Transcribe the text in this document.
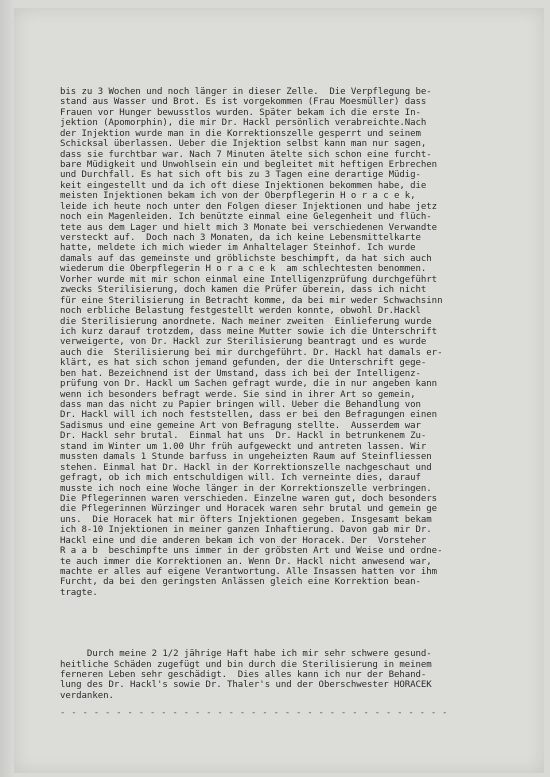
bis zu 3 Wochen und noch länger in dieser Zelle.  Die Verpflegung be-
stand aus Wasser und Brot. Es ist vorgekommen (Frau Moesmüller) dass
Frauen vor Hunger bewusstlos wurden. Später bekam ich die erste In-
jektion (Apomorphin), die mir Dr. Hackl persönlich verabreichte.Nach
der Injektion wurde man in die Korrektionszelle gesperrt und seinem
Schicksal überlassen. Ueber die Injektion selbst kann man nur sagen,
dass sie furchtbar war. Nach 7 Minuten ätelte sich schon eine furcht-
bare Müdigkeit und Unwohlsein ein und begleitet mit heftigen Erbrechen
und Durchfall. Es hat sich oft bis zu 3 Tagen eine derartige Müdig-
keit eingestellt und da ich oft diese Injektionen bekommen habe, die
meisten Injektionen bekam ich von der Oberpflegerin H o r a c e k,
leide ich heute noch unter den Folgen dieser Injektionen und habe jetz
noch ein Magenleiden. Ich benützte einmal eine Gelegenheit und flüch-
tete aus dem Lager und hielt mich 3 Monate bei verschiedenen Verwandte
versteckt auf.  Doch nach 3 Monaten, da ich keine Lebensmittelkarte
hatte, meldete ich mich wieder im Anhaltelager Steinhof. Ich wurde
damals auf das gemeinste und gröblichste beschimpft, da hat sich auch
wiederum die Oberpflegerin H o r a c e k  am schlechtesten benommen.
Vorher wurde mit mir schon einmal eine Intelligenzprüfung durchgeführt
zwecks Sterilisierung, doch kamen die Prüfer überein, dass ich nicht
für eine Sterilisierung in Betracht komme, da bei mir weder Schwachsinn
noch erbliche Belastung festgestellt werden konnte, obwohl Dr.Hackl
die Sterilisierung anordnete. Nach meiner zweiten  Einlieferung wurde
ich kurz darauf trotzdem, dass meine Mutter sowie ich die Unterschrift
verweigerte, von Dr. Hackl zur Sterilisierung beantragt und es wurde
auch die  Sterilisierung bei mir durchgeführt. Dr. Hackl hat damals er-
klärt, es hat sich schon jemand gefunden, der die Unterschrift gege-
ben hat. Bezeichnend ist der Umstand, dass ich bei der Intelligenz-
prüfung von Dr. Hackl um Sachen gefragt wurde, die in nur angeben kann
wenn ich besonders befragt werde. Sie sind in ihrer Art so gemein,
dass man das nicht zu Papier bringen will. Ueber die Behandlung von
Dr. Hackl will ich noch feststellen, dass er bei den Befragungen einen
Sadismus und eine gemeine Art von Befragung stellte.  Ausserdem war
Dr. Hackl sehr brutal.  Einmal hat uns  Dr. Hackl in betrunkenem Zu-
stand im Winter um 1.00 Uhr früh aufgeweckt und antreten lassen. Wir
mussten damals 1 Stunde barfuss in ungeheizten Raum auf Steinfliessen
stehen. Einmal hat Dr. Hackl in der Korrektionszelle nachgeschaut und
gefragt, ob ich mich entschuldigen will. Ich verneinte dies, darauf
musste ich noch eine Woche länger in der Korrektionszelle verbringen.
Die Pflegerinnen waren verschieden. Einzelne waren gut, doch besonders
die Pflegerinnen Würzinger und Horacek waren sehr brutal und gemein ge
uns.  Die Horacek hat mir öfters Injektionen gegeben. Insgesamt bekam
ich 8-10 Injektionen in meiner ganzen Inhaftierung. Davon gab mir Dr.
Hackl eine und die anderen bekam ich von der Horacek. Der  Vorsteher
R a a b  beschimpfte uns immer in der gröbsten Art und Weise und ordne-
te auch immer die Korrektionen an. Wenn Dr. Hackl nicht anwesend war,
machte er alles auf eigene Verantwortung. Alle Insassen hatten vor ihm
Furcht, da bei den geringsten Anlässen gleich eine Korrektion bean-
tragte.

Durch meine 2 1/2 jährige Haft habe ich mir sehr schwere gesund-
heitliche Schäden zugefügt und bin durch die Sterilisierung in meinem
ferneren Leben sehr geschädigt.  Dies alles kann ich nur der Behand-
lung des Dr. Hackl's sowie Dr. Thaler's und der Oberschwester HORACEK
verdanken.

- - - - - - - - - - - - - - - - - - - - - - - - - - - - - - - - - - -
